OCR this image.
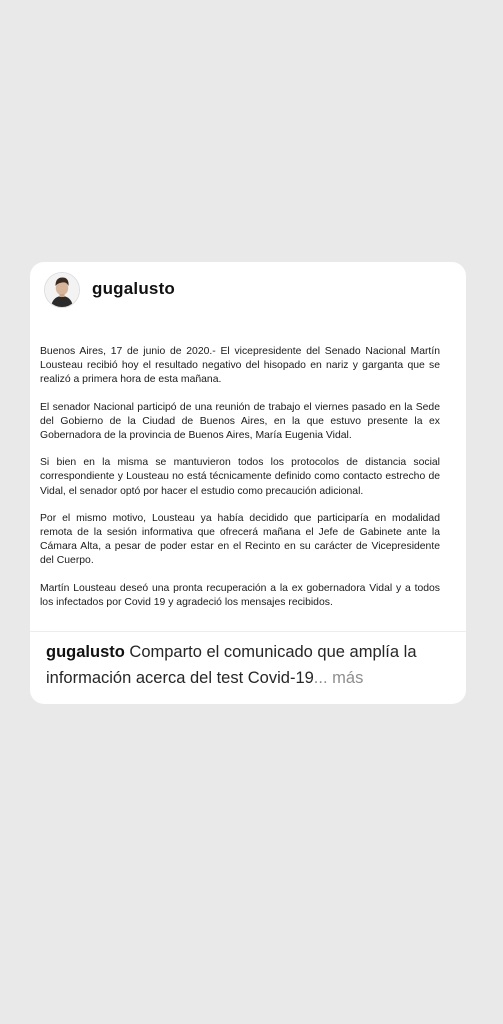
gugalusto

Buenos Aires, 17 de junio de 2020.- El vicepresidente del Senado Nacional Martín Lousteau recibió hoy el resultado negativo del hisopado en nariz y garganta que se realizó a primera hora de esta mañana.

El senador Nacional participó de una reunión de trabajo el viernes pasado en la Sede del Gobierno de la Ciudad de Buenos Aires, en la que estuvo presente la ex Gobernadora de la provincia de Buenos Aires, María Eugenia Vidal.

Si bien en la misma se mantuvieron todos los protocolos de distancia social correspondiente y Lousteau no está técnicamente definido como contacto estrecho de Vidal, el senador optó por hacer el estudio como precaución adicional.

Por el mismo motivo, Lousteau ya había decidido que participaría en modalidad remota de la sesión informativa que ofrecerá mañana el Jefe de Gabinete ante la Cámara Alta, a pesar de poder estar en el Recinto en su carácter de Vicepresidente del Cuerpo.

Martín Lousteau deseó una pronta recuperación a la ex gobernadora Vidal y a todos los infectados por Covid 19 y agradeció los mensajes recibidos.

gugalusto Comparto el comunicado que amplía la información acerca del test Covid-19... más
